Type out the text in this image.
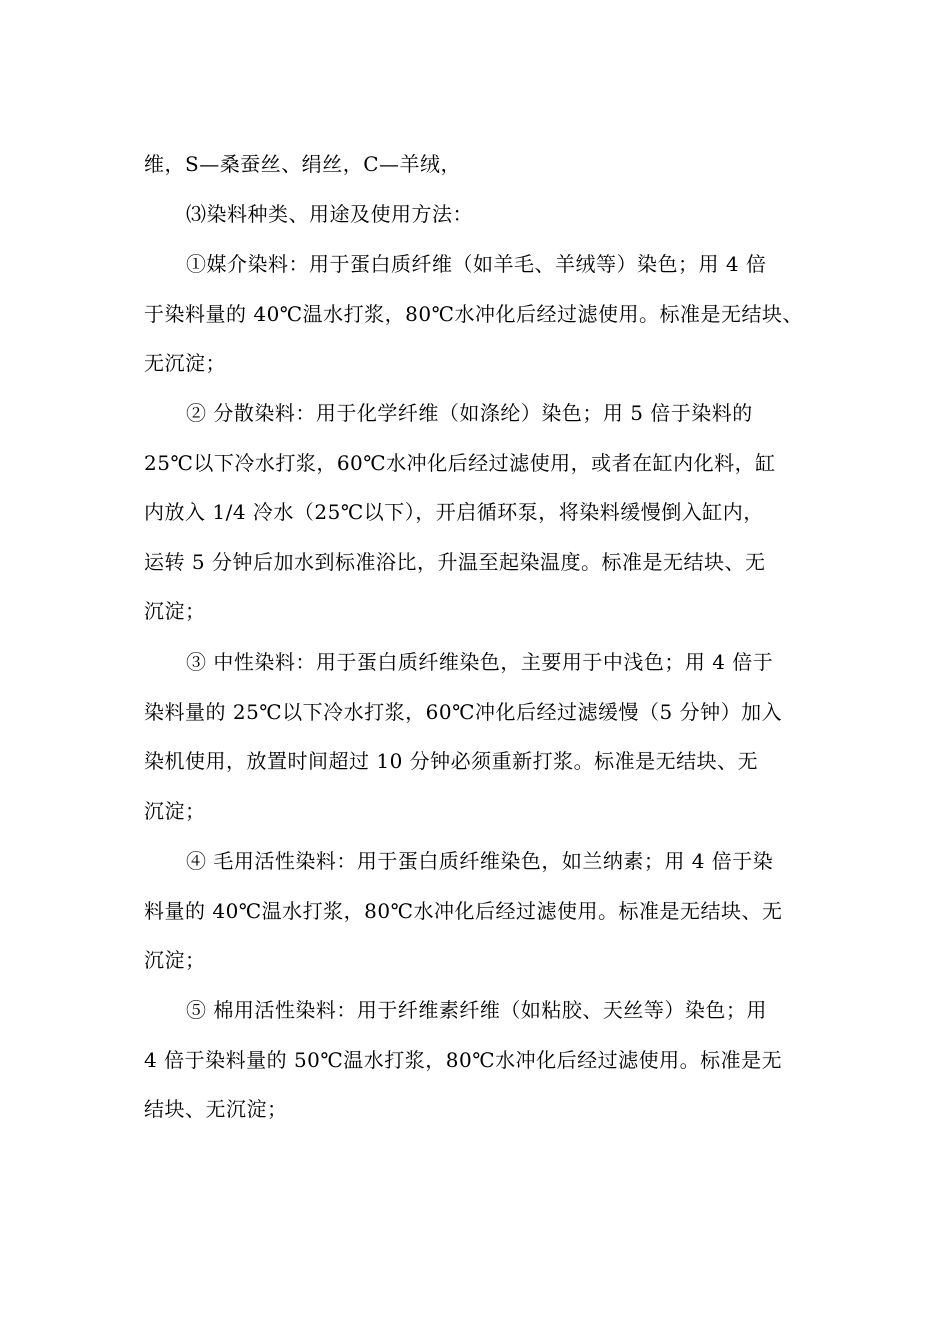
维，S—桑蚕丝、绢丝，C—羊绒，
⑶染料种类、用途及使用方法：
①媒介染料：用于蛋白质纤维（如羊毛、羊绒等）染色；用 4 倍
于染料量的 40℃温水打浆，80℃水冲化后经过滤使用。标准是无结块、
无沉淀；
② 分散染料：用于化学纤维（如涤纶）染色；用 5 倍于染料的
25℃以下冷水打浆，60℃水冲化后经过滤使用，或者在缸内化料，缸
内放入 1/4 冷水（25℃以下），开启循环泵，将染料缓慢倒入缸内，
运转 5 分钟后加水到标准浴比，升温至起染温度。标准是无结块、无
沉淀；
③ 中性染料：用于蛋白质纤维染色，主要用于中浅色；用 4 倍于
染料量的 25℃以下冷水打浆，60℃冲化后经过滤缓慢（5 分钟）加入
染机使用，放置时间超过 10 分钟必须重新打浆。标准是无结块、无
沉淀；
④ 毛用活性染料：用于蛋白质纤维染色，如兰纳素；用 4 倍于染
料量的 40℃温水打浆，80℃水冲化后经过滤使用。标准是无结块、无
沉淀；
⑤ 棉用活性染料：用于纤维素纤维（如粘胶、天丝等）染色；用
4 倍于染料量的 50℃温水打浆，80℃水冲化后经过滤使用。标准是无
结块、无沉淀；
